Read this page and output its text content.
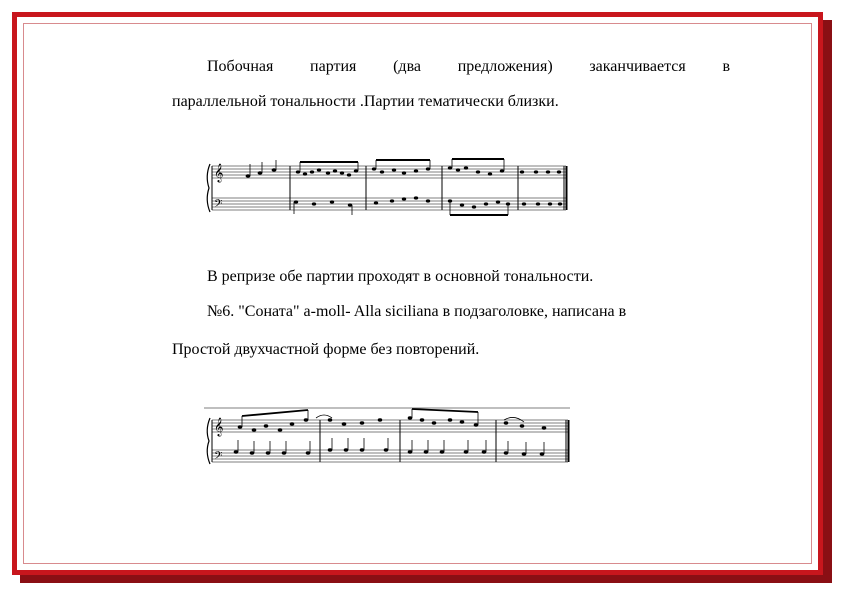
Побочная партия (два предложения) заканчивается в

параллельной тональности .Партии тематически близки.

𝄞
𝄢

В репризе обе партии проходят в основной тональности.

№6. "Соната" a-moll- Alla siciliana в подзаголовке, написана в

Простой двухчастной форме без повторений.

𝄞
𝄢
